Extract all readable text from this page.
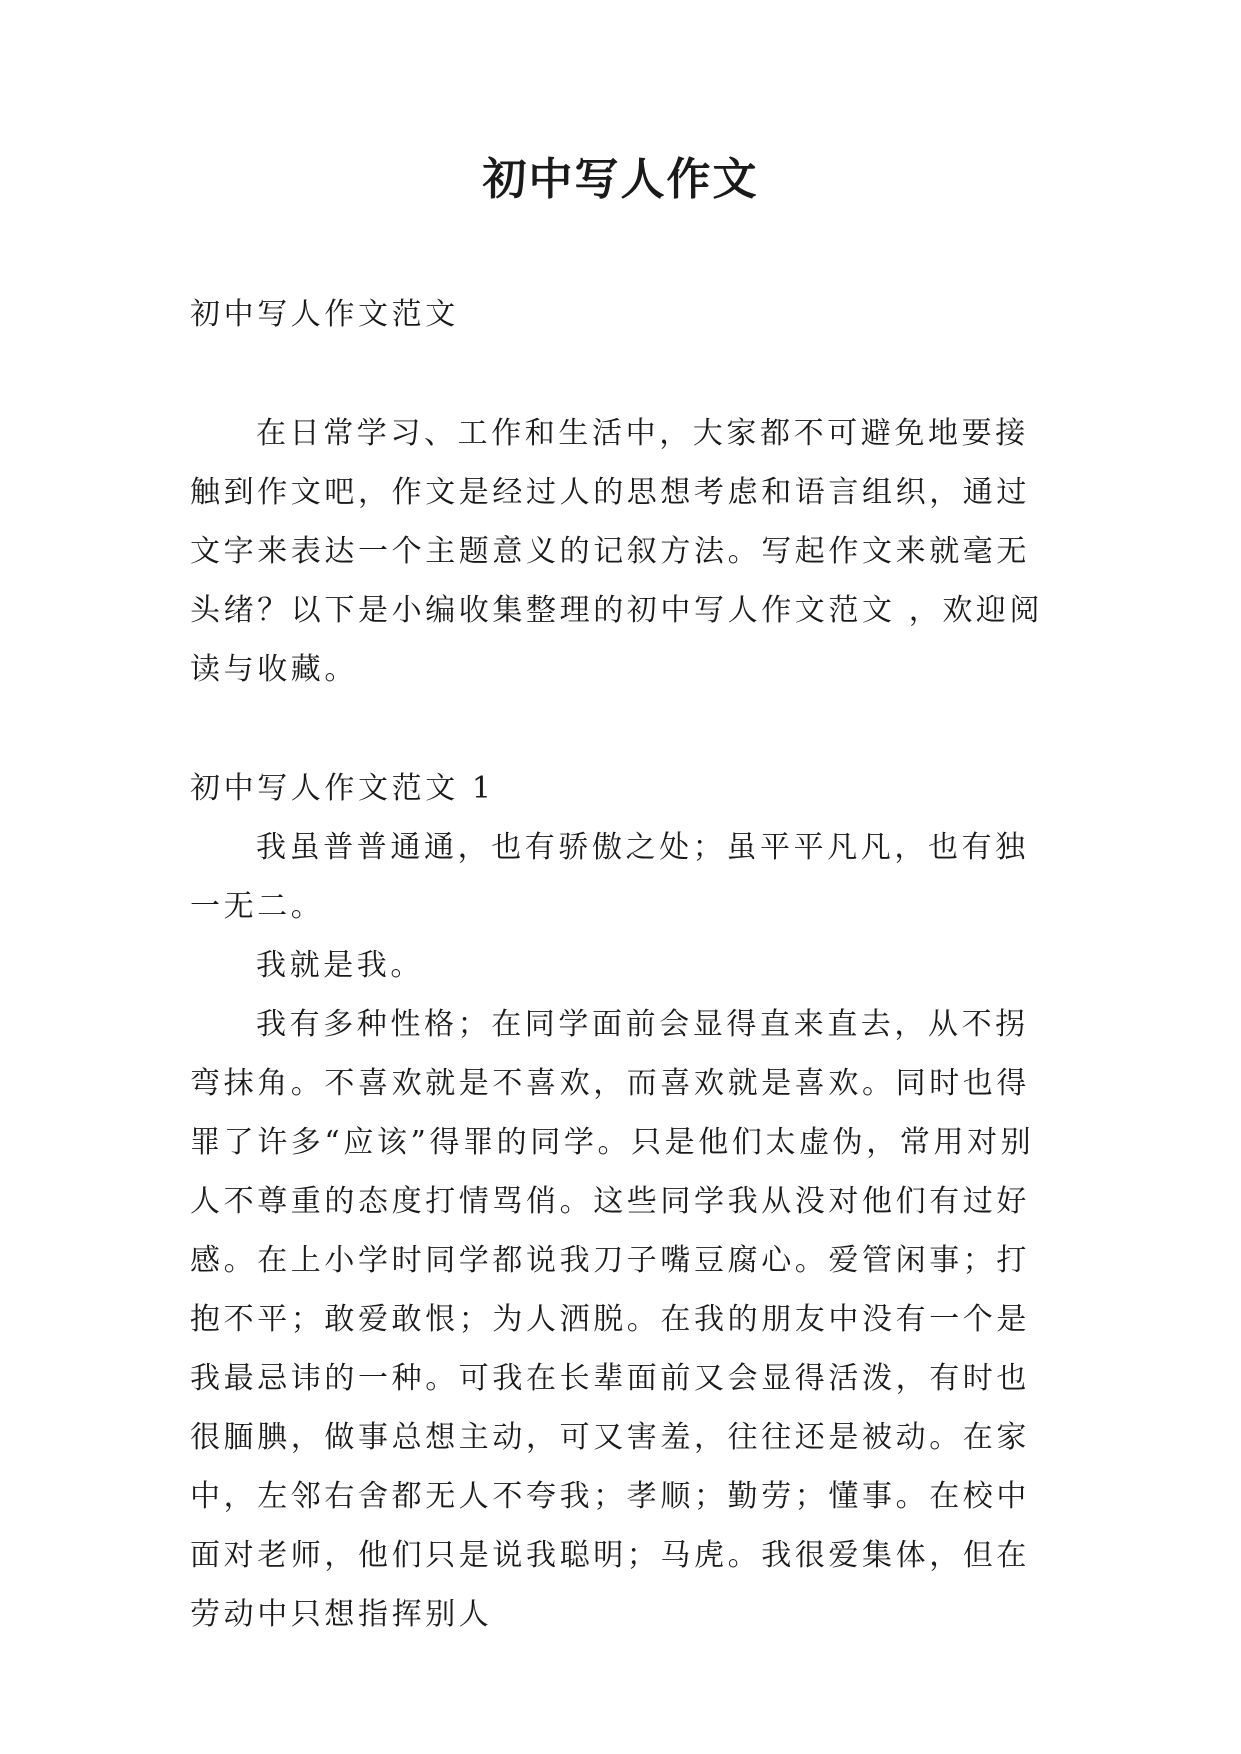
初中写人作文

初中写人作文范文

在日常学习、工作和生活中，大家都不可避免地要接触到作文吧，作文是经过人的思想考虑和语言组织，通过文字来表达一个主题意义的记叙方法。写起作文来就毫无头绪？以下是小编收集整理的初中写人作文范文 ，欢迎阅读与收藏。

初中写人作文范文 1

我虽普普通通，也有骄傲之处；虽平平凡凡，也有独一无二。

我就是我。

我有多种性格；在同学面前会显得直来直去，从不拐弯抹角。不喜欢就是不喜欢，而喜欢就是喜欢。同时也得罪了许多“应该”得罪的同学。只是他们太虚伪，常用对别人不尊重的态度打情骂俏。这些同学我从没对他们有过好感。在上小学时同学都说我刀子嘴豆腐心。爱管闲事；打抱不平；敢爱敢恨；为人洒脱。在我的朋友中没有一个是我最忌讳的一种。可我在长辈面前又会显得活泼，有时也很腼腆，做事总想主动，可又害羞，往往还是被动。在家中，左邻右舍都无人不夸我；孝顺；勤劳；懂事。在校中面对老师，他们只是说我聪明；马虎。我很爱集体，但在劳动中只想指挥别人
